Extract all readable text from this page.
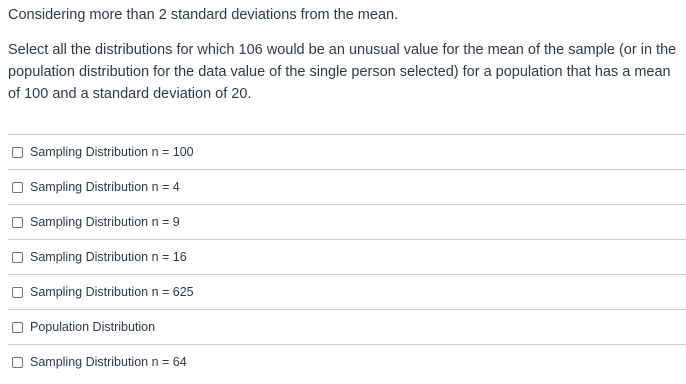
Considering more than 2 standard deviations from the mean.

Select all the distributions for which 106 would be an unusual value for the mean of the sample (or in the population distribution for the data value of the single person selected) for a population that has a mean of 100 and a standard deviation of 20.

Sampling Distribution n = 100
Sampling Distribution n = 4
Sampling Distribution n = 9
Sampling Distribution n = 16
Sampling Distribution n = 625
Population Distribution
Sampling Distribution n = 64
